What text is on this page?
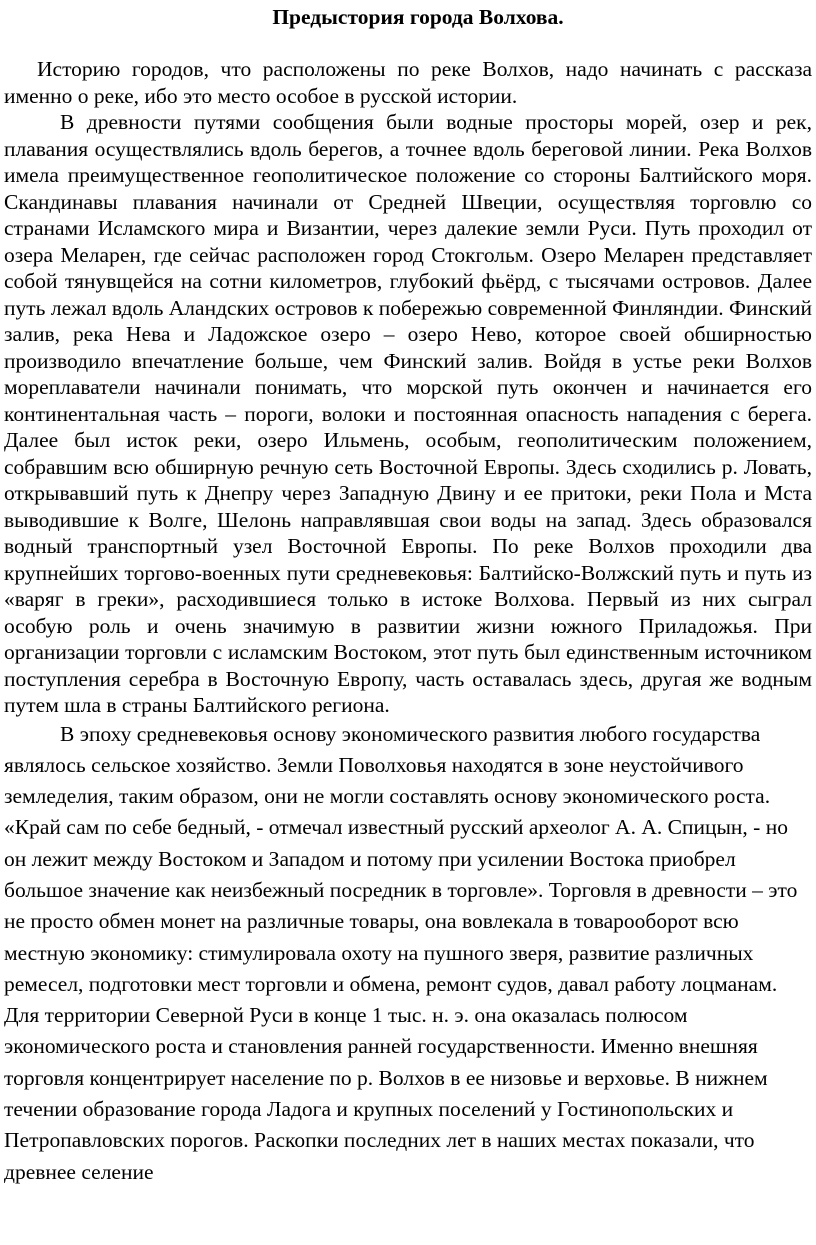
Предыстория города Волхова.

Историю городов, что расположены по реке Волхов, надо начинать с рассказа именно о реке, ибо это место особое в русской истории.

В древности путями сообщения были водные просторы морей, озер и рек, плавания осуществлялись вдоль берегов, а точнее вдоль береговой линии. Река Волхов имела преимущественное геополитическое положение со стороны Балтийского моря. Скандинавы плавания начинали от Средней Швеции, осуществляя торговлю со странами Исламского мира и Византии, через далекие земли Руси. Путь проходил от озера Меларен, где сейчас расположен город Стокгольм. Озеро Меларен представляет собой тянувщейся на сотни километров, глубокий фьёрд, с тысячами островов. Далее путь лежал вдоль Аландских островов к побережью современной Финляндии. Финский залив, река Нева и Ладожское озеро – озеро Нево, которое своей обширностью производило впечатление больше, чем Финский залив. Войдя в устье реки Волхов мореплаватели начинали понимать, что морской путь окончен и начинается его континентальная часть – пороги, волоки и постоянная опасность нападения с берега. Далее был исток реки, озеро Ильмень, особым, геополитическим положением, собравшим всю обширную речную сеть Восточной Европы. Здесь сходились р. Ловать, открывавший путь к Днепру через Западную Двину и ее притоки, реки Пола и Мста выводившие к Волге, Шелонь направлявшая свои воды на запад. Здесь образовался водный транспортный узел Восточной Европы. По реке Волхов проходили два крупнейших торгово-военных пути средневековья: Балтийско-Волжский путь и путь из «варяг в греки», расходившиеся только в истоке Волхова. Первый из них сыграл особую роль и очень значимую в развитии жизни южного Приладожья. При организации торговли с исламским Востоком, этот путь был единственным источником поступления серебра в Восточную Европу, часть оставалась здесь, другая же водным путем шла в страны Балтийского региона.

В эпоху средневековья основу экономического развития любого государства являлось сельское хозяйство. Земли Поволховья находятся в зоне неустойчивого земледелия, таким образом, они не могли составлять основу экономического роста. «Край сам по себе бедный, - отмечал известный русский археолог А. А. Спицын, - но он лежит между Востоком и Западом и потому при усилении Востока приобрел большое значение как неизбежный посредник в торговле». Торговля в древности – это не просто обмен монет на различные товары, она вовлекала в товарооборот всю местную экономику: стимулировала охоту на пушного зверя, развитие различных ремесел, подготовки мест торговли и обмена, ремонт судов, давал работу лоцманам. Для территории Северной Руси в конце 1 тыс. н. э. она оказалась полюсом экономического роста и становления ранней государственности. Именно внешняя торговля концентрирует население по р. Волхов в ее низовье и верховье. В нижнем течении образование города Ладога и крупных поселений у Гостинопольских и Петропавловских порогов. Раскопки последних лет в наших местах показали, что древнее селение
